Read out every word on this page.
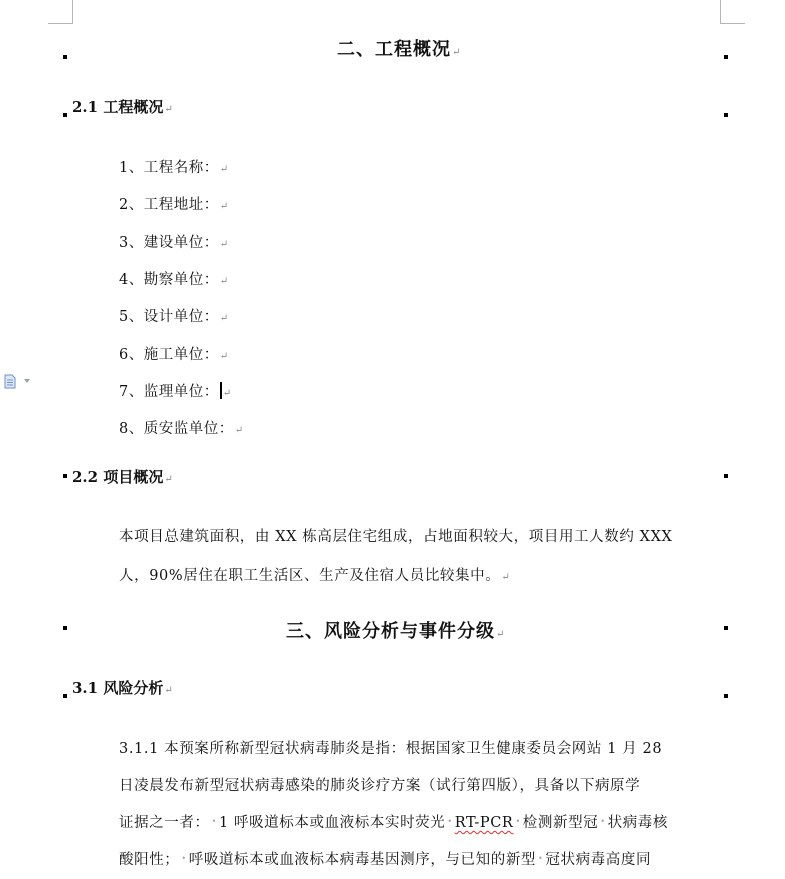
二、工程概况↵
2.1 工程概况↵
1、工程名称：↵
2、工程地址：↵
3、建设单位：↵
4、勘察单位：↵
5、设计单位：↵
6、施工单位：↵
7、监理单位： ↵
8、质安监单位：↵
2.2 项目概况↵
本项目总建筑面积，由 XX 栋高层住宅组成，占地面积较大，项目用工人数约 XXX
人，90%居住在职工生活区、生产及住宿人员比较集中。↵
三、风险分析与事件分级↵
3.1 风险分析↵
3.1.1 本预案所称新型冠状病毒肺炎是指：根据国家卫生健康委员会网站 1 月 28
日凌晨发布新型冠状病毒感染的肺炎诊疗方案（试行第四版），具备以下病原学
证据之一者： • 1 呼吸道标本或血液标本实时荧光 • RT-PCR • 检测新型冠 • 状病毒核
酸阳性； • 呼吸道标本或血液标本病毒基因测序，与已知的新型 • 冠状病毒高度同
